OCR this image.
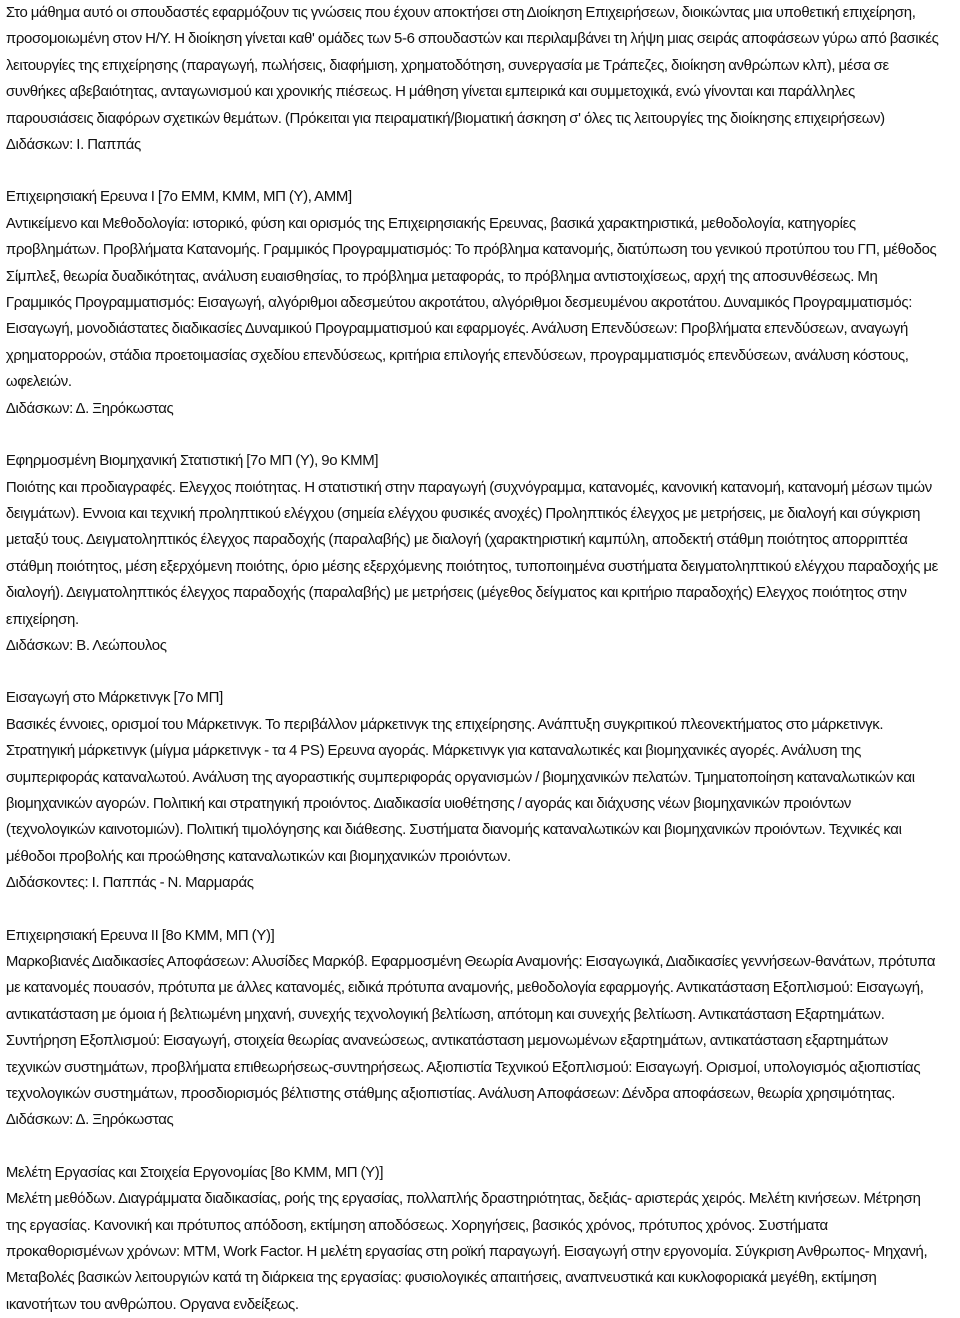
Στο μάθημα αυτό οι σπουδαστές εφαρμόζουν τις γνώσεις που έχουν αποκτήσει στη Διοίκηση Επιχειρήσεων, διοικώντας μια υποθετική επιχείρηση, προσομοιωμένη στον Η/Υ. Η διοίκηση γίνεται καθ' ομάδες των 5-6 σπουδαστών και περιλαμβάνει τη λήψη μιας σειράς αποφάσεων γύρω από βασικές λειτουργίες της επιχείρησης (παραγωγή, πωλήσεις, διαφήμιση, χρηματοδότηση, συνεργασία με Τράπεζες, διοίκηση ανθρώπων κλπ), μέσα σε συνθήκες αβεβαιότητας, ανταγωνισμού και χρονικής πιέσεως. Η μάθηση γίνεται εμπειρικά και συμμετοχικά, ενώ γίνονται και παράλληλες παρουσιάσεις διαφόρων σχετικών θεμάτων. (Πρόκειται για πειραματική/βιοματική άσκηση σ' όλες τις λειτουργίες της διοίκησης επιχειρήσεων)

Διδάσκων: Ι. Παππάς

Επιχειρησιακή Ερευνα Ι [7ο ΕΜΜ, ΚΜΜ, ΜΠ (Υ), ΑΜΜ]

Αντικείμενο και Μεθοδολογία: ιστορικό, φύση και ορισμός της Επιχειρησιακής Ερευνας, βασικά χαρακτηριστικά, μεθοδολογία, κατηγορίες προβλημάτων. Προβλήματα Κατανομής. Γραμμικός Προγραμματισμός: Το πρόβλημα κατανομής, διατύπωση του γενικού προτύπου του ΓΠ, μέθοδος Σίμπλεξ, θεωρία δυαδικότητας, ανάλυση ευαισθησίας, το πρόβλημα μεταφοράς, το πρόβλημα αντιστοιχίσεως, αρχή της αποσυνθέσεως. Μη Γραμμικός Προγραμματισμός: Εισαγωγή, αλγόριθμοι αδεσμεύτου ακροτάτου, αλγόριθμοι δεσμευμένου ακροτάτου. Δυναμικός Προγραμματισμός: Εισαγωγή, μονοδιάστατες διαδικασίες Δυναμικού Προγραμματισμού και εφαρμογές. Ανάλυση Επενδύσεων: Προβλήματα επενδύσεων, αναγωγή χρηματορροών, στάδια προετοιμασίας σχεδίου επενδύσεως, κριτήρια επιλογής επενδύσεων, προγραμματισμός επενδύσεων, ανάλυση κόστους, ωφελειών.

Διδάσκων: Δ. Ξηρόκωστας

Εφηρμοσμένη Βιομηχανική Στατιστική [7ο ΜΠ (Υ), 9ο ΚΜΜ]

Ποιότης και προδιαγραφές. Ελεγχος ποιότητας. Η στατιστική στην παραγωγή (συχνόγραμμα, κατανομές, κανονική κατανομή, κατανομή μέσων τιμών δειγμάτων). Εννοια και τεχνική προληπτικού ελέγχου (σημεία ελέγχου φυσικές ανοχές) Προληπτικός έλεγχος με μετρήσεις, με διαλογή και σύγκριση μεταξύ τους. Δειγματοληπτικός έλεγχος παραδοχής (παραλαβής) με διαλογή (χαρακτηριστική καμπύλη, αποδεκτή στάθμη ποιότητος απορριπτέα στάθμη ποιότητος, μέση εξερχόμενη ποιότης, όριο μέσης εξερχόμενης ποιότητος, τυποποιημένα συστήματα δειγματοληπτικού ελέγχου παραδοχής με διαλογή). Δειγματοληπτικός έλεγχος παραδοχής (παραλαβής) με μετρήσεις (μέγεθος δείγματος και κριτήριο παραδοχής) Ελεγχος ποιότητος στην επιχείρηση.

Διδάσκων: Β. Λεώπουλος

Εισαγωγή στο Μάρκετινγκ [7ο ΜΠ]

Βασικές έννοιες, ορισμοί του Μάρκετινγκ. Το περιβάλλον μάρκετινγκ της επιχείρησης. Ανάπτυξη συγκριτικού πλεονεκτήματος στο μάρκετινγκ. Στρατηγική μάρκετινγκ (μίγμα μάρκετινγκ - τα 4 PS) Ερευνα αγοράς. Μάρκετινγκ για καταναλωτικές και βιομηχανικές αγορές. Ανάλυση της συμπεριφοράς καταναλωτού. Ανάλυση της αγοραστικής συμπεριφοράς οργανισμών / βιομηχανικών πελατών. Τμηματοποίηση καταναλωτικών και βιομηχανικών αγορών. Πολιτική και στρατηγική προιόντος. Διαδικασία υιοθέτησης / αγοράς και διάχυσης νέων βιομηχανικών προιόντων (τεχνολογικών καινοτομιών). Πολιτική τιμολόγησης και διάθεσης. Συστήματα διανομής καταναλωτικών και βιομηχανικών προιόντων. Τεχνικές και μέθοδοι προβολής και προώθησης καταναλωτικών και βιομηχανικών προιόντων.

Διδάσκοντες: Ι. Παππάς - Ν. Μαρμαράς

Επιχειρησιακή Ερευνα ΙΙ [8ο ΚΜΜ, ΜΠ (Υ)]

Μαρκοβιανές Διαδικασίες Αποφάσεων: Αλυσίδες Μαρκόβ. Εφαρμοσμένη Θεωρία Αναμονής: Εισαγωγικά, Διαδικασίες γεννήσεων-θανάτων, πρότυπα με κατανομές πουασόν, πρότυπα με άλλες κατανομές, ειδικά πρότυπα αναμονής, μεθοδολογία εφαρμογής. Αντικατάσταση Εξοπλισμού: Εισαγωγή, αντικατάσταση με όμοια ή βελτιωμένη μηχανή, συνεχής τεχνολογική βελτίωση, απότομη και συνεχής βελτίωση. Αντικατάσταση Εξαρτημάτων. Συντήρηση Εξοπλισμού: Εισαγωγή, στοιχεία θεωρίας ανανεώσεως, αντικατάσταση μεμονωμένων εξαρτημάτων, αντικατάσταση εξαρτημάτων τεχνικών συστημάτων, προβλήματα επιθεωρήσεως-συντηρήσεως. Αξιοπιστία Τεχνικού Εξοπλισμού: Εισαγωγή. Ορισμοί, υπολογισμός αξιοπιστίας τεχνολογικών συστημάτων, προσδιορισμός βέλτιστης στάθμης αξιοπιστίας. Ανάλυση Αποφάσεων: Δένδρα αποφάσεων, θεωρία χρησιμότητας.

Διδάσκων: Δ. Ξηρόκωστας

Μελέτη Εργασίας και Στοιχεία Εργονομίας [8ο ΚΜΜ, ΜΠ (Υ)]

Μελέτη μεθόδων. Διαγράμματα διαδικασίας, ροής της εργασίας, πολλαπλής δραστηριότητας, δεξιάς- αριστεράς χειρός. Μελέτη κινήσεων. Μέτρηση της εργασίας. Κανονική και πρότυπος απόδοση, εκτίμηση αποδόσεως. Χορηγήσεις, βασικός χρόνος, πρότυπος χρόνος. Συστήματα προκαθορισμένων χρόνων: MTM, Work Factor. Η μελέτη εργασίας στη ροϊκή παραγωγή. Εισαγωγή στην εργονομία. Σύγκριση Ανθρωπος- Μηχανή, Μεταβολές βασικών λειτουργιών κατά τη διάρκεια της εργασίας: φυσιολογικές απαιτήσεις, αναπνευστικά και κυκλοφοριακά μεγέθη, εκτίμηση ικανοτήτων του ανθρώπου. Οργανα ενδείξεως.
